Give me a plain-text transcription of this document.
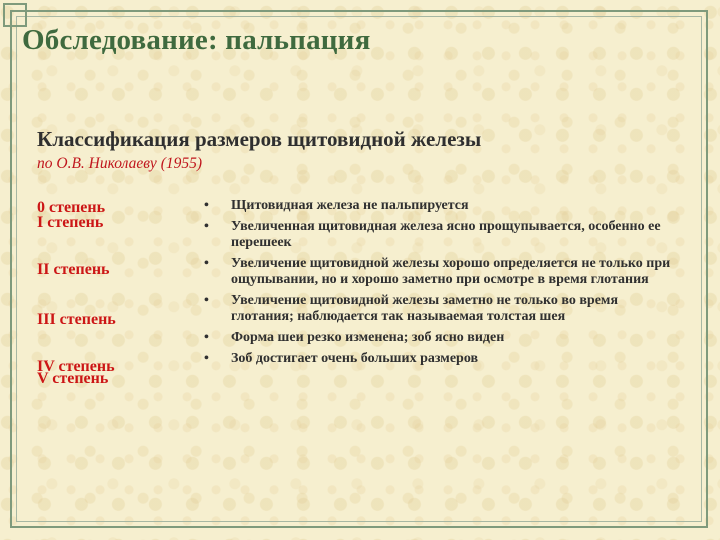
Обследование: пальпация
Классификация размеров щитовидной железы

по О.В. Николаеву (1955)

0 степень
I степень
II степень
III степень
IV степень
V степень
• Щитовидная железа не пальпируется
• Увеличенная щитовидная железа ясно прощупывается, особенно ее перешеек
• Увеличение щитовидной железы хорошо определяется не только при ощупывании, но и хорошо заметно при осмотре в время глотания
• Увеличение щитовидной железы заметно не только во время глотания; наблюдается так называемая толстая шея
• Форма шеи резко изменена; зоб ясно виден
• Зоб достигает очень больших размеров
